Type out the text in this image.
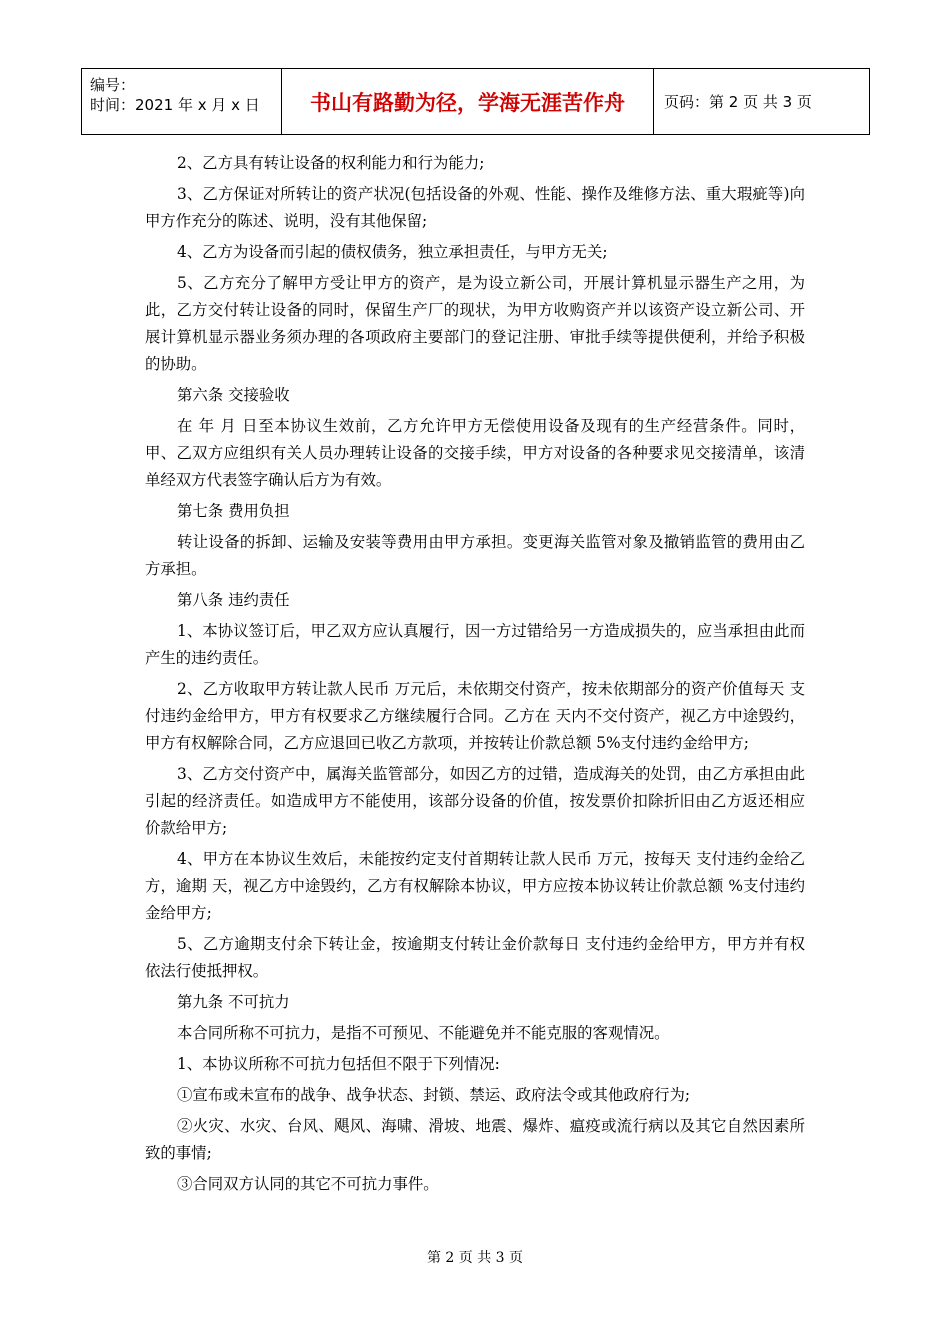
编号：
时间：2021 年 x 月 x 日	书山有路勤为径，学海无涯苦作舟	页码：第 2 页 共 3 页

2、乙方具有转让设备的权利能力和行为能力;

3、乙方保证对所转让的资产状况(包括设备的外观、性能、操作及维修方法、重大瑕疵等)向甲方作充分的陈述、说明，没有其他保留;

4、乙方为设备而引起的债权债务，独立承担责任，与甲方无关;

5、乙方充分了解甲方受让甲方的资产，是为设立新公司，开展计算机显示器生产之用，为此，乙方交付转让设备的同时，保留生产厂的现状，为甲方收购资产并以该资产设立新公司、开展计算机显示器业务须办理的各项政府主要部门的登记注册、审批手续等提供便利，并给予积极的协助。

第六条 交接验收

在 年 月 日至本协议生效前，乙方允许甲方无偿使用设备及现有的生产经营条件。同时，甲、乙双方应组织有关人员办理转让设备的交接手续，甲方对设备的各种要求见交接清单，该清单经双方代表签字确认后方为有效。

第七条 费用负担

转让设备的拆卸、运输及安装等费用由甲方承担。变更海关监管对象及撤销监管的费用由乙方承担。

第八条 违约责任

1、本协议签订后，甲乙双方应认真履行，因一方过错给另一方造成损失的，应当承担由此而产生的违约责任。

2、乙方收取甲方转让款人民币 万元后，未依期交付资产，按未依期部分的资产价值每天 支付违约金给甲方，甲方有权要求乙方继续履行合同。乙方在 天内不交付资产，视乙方中途毁约，甲方有权解除合同，乙方应退回已收乙方款项，并按转让价款总额 5%支付违约金给甲方;

3、乙方交付资产中，属海关监管部分，如因乙方的过错，造成海关的处罚，由乙方承担由此引起的经济责任。如造成甲方不能使用，该部分设备的价值，按发票价扣除折旧由乙方返还相应价款给甲方;

4、甲方在本协议生效后，未能按约定支付首期转让款人民币 万元，按每天 支付违约金给乙方，逾期 天，视乙方中途毁约，乙方有权解除本协议，甲方应按本协议转让价款总额 %支付违约金给甲方;

5、乙方逾期支付余下转让金，按逾期支付转让金价款每日 支付违约金给甲方，甲方并有权依法行使抵押权。

第九条 不可抗力

本合同所称不可抗力，是指不可预见、不能避免并不能克服的客观情况。

1、本协议所称不可抗力包括但不限于下列情况:

①宣布或未宣布的战争、战争状态、封锁、禁运、政府法令或其他政府行为;

②火灾、水灾、台风、飓风、海啸、滑坡、地震、爆炸、瘟疫或流行病以及其它自然因素所致的事情;

③合同双方认同的其它不可抗力事件。

第 2 页 共 3 页
